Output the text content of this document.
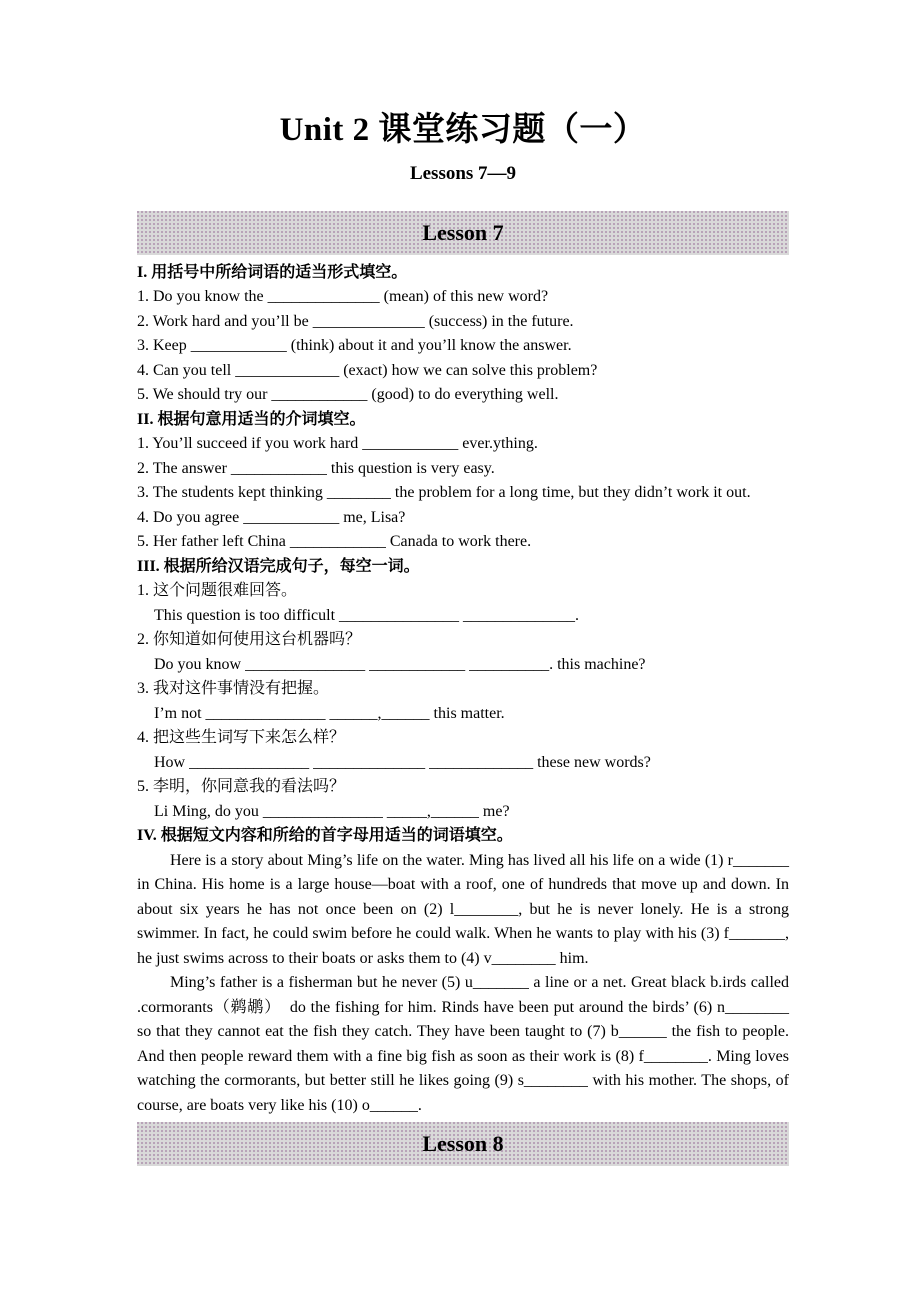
Unit 2 课堂练习题（一）
Lessons 7—9
Lesson 7
I. 用括号中所给词语的适当形式填空。
1. Do you know the ______________ (mean) of this new word?
2. Work hard and you’ll be ______________ (success) in the future.
3. Keep ____________ (think) about it and you’ll know the answer.
4. Can you tell _____________ (exact) how we can solve this problem?
5. We should try our ____________ (good) to do everything well.
II. 根据句意用适当的介词填空。
1. You’ll succeed if you work hard ____________ ever.ything.
2. The answer ____________ this question is very easy.
3. The students kept thinking ________ the problem for a long time, but they didn’t work it out.
4. Do you agree ____________ me, Lisa?
5. Her father left China ____________ Canada to work there.
III. 根据所给汉语完成句子，每空一词。
1. 这个问题很难回答。
This question is too difficult _______________ ______________.
2. 你知道如何使用这台机器吗？
Do you know _______________ ____________ __________. this machine?
3. 我对这件事情没有把握。
I’m not _______________ ______,______ this matter.
4. 把这些生词写下来怎么样？
How _______________ ______________ _____________ these new words?
5. 李明，你同意我的看法吗？
Li Ming, do you _______________ _____,______ me?
IV. 根据短文内容和所给的首字母用适当的词语填空。

Here is a story about Ming’s life on the water. Ming has lived all his life on a wide (1) r_______ in China. His home is a large house—boat with a roof, one of hundreds that move up and down. In about six years he has not once been on (2) l________, but he is never lonely. He is a strong swimmer. In fact, he could swim before he could walk. When he wants to play with his (3) f_______, he just swims across to their boats or asks them to (4) v________ him.

Ming’s father is a fisherman but he never (5) u_______ a line or a net. Great black b.irds called .cormorants（鹈鹕）　do the fishing for him. Rinds have been put around the birds’ (6) n________ so that they cannot eat the fish they catch. They have been taught to (7) b______ the fish to people. And then people reward them with a fine big fish as soon as their work is (8) f________. Ming loves watching the cormorants, but better still he likes going (9) s________ with his mother. The shops, of course, are boats very like his (10) o______.

Lesson 8
